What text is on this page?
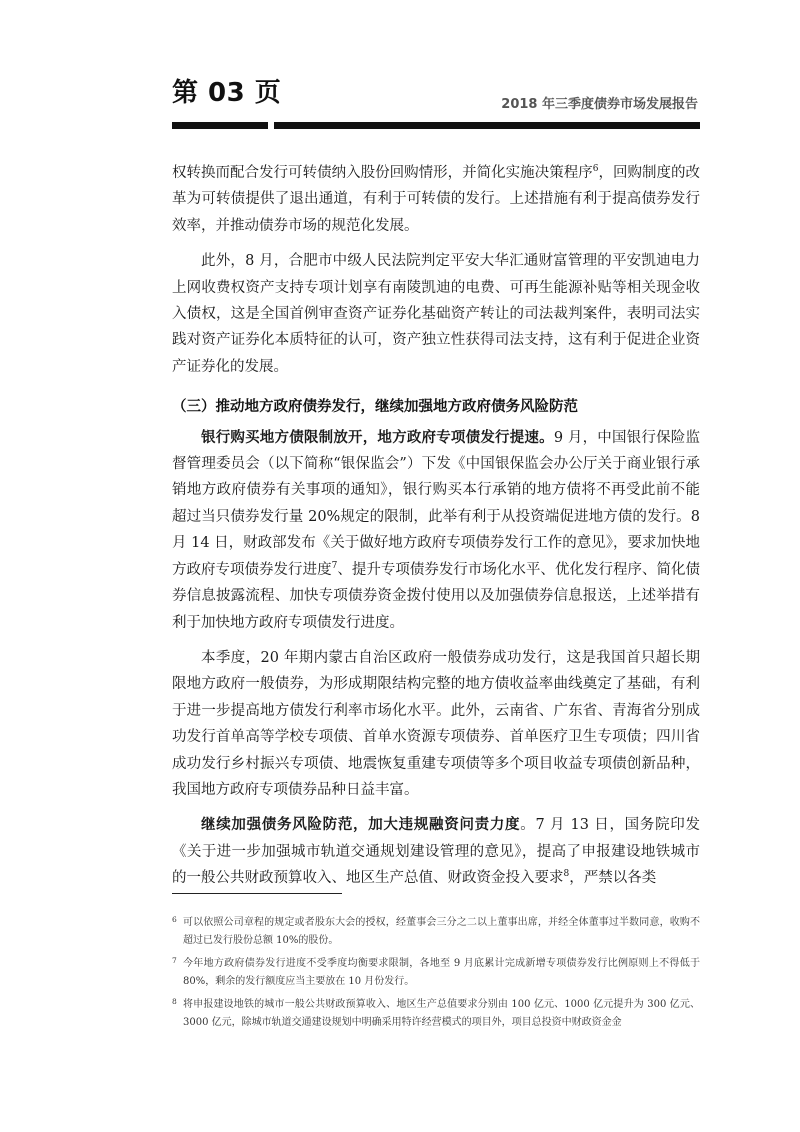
第 03 页	2018 年三季度债券市场发展报告

权转换而配合发行可转债纳入股份回购情形，并简化实施决策程序$^6$，回购制度的改革为可转债提供了退出通道，有利于可转债的发行。上述措施有利于提高债券发行效率，并推动债券市场的规范化发展。

此外，8 月，合肥市中级人民法院判定平安大华汇通财富管理的平安凯迪电力上网收费权资产支持专项计划享有南陵凯迪的电费、可再生能源补贴等相关现金收入债权，这是全国首例审查资产证券化基础资产转让的司法裁判案件，表明司法实践对资产证券化本质特征的认可，资产独立性获得司法支持，这有利于促进企业资产证券化的发展。

（三）推动地方政府债券发行，继续加强地方政府债务风险防范

银行购买地方债限制放开，地方政府专项债发行提速。9 月，中国银行保险监督管理委员会（以下简称“银保监会”）下发《中国银保监会办公厅关于商业银行承销地方政府债券有关事项的通知》，银行购买本行承销的地方债将不再受此前不能超过当只债券发行量 20%规定的限制，此举有利于从投资端促进地方债的发行。8 月 14 日，财政部发布《关于做好地方政府专项债券发行工作的意见》，要求加快地方政府专项债券发行进度$^7$、提升专项债券发行市场化水平、优化发行程序、简化债券信息披露流程、加快专项债券资金拨付使用以及加强债券信息报送，上述举措有利于加快地方政府专项债发行进度。

本季度，20 年期内蒙古自治区政府一般债券成功发行，这是我国首只超长期限地方政府一般债券，为形成期限结构完整的地方债收益率曲线奠定了基础，有利于进一步提高地方债发行利率市场化水平。此外，云南省、广东省、青海省分别成功发行首单高等学校专项债、首单水资源专项债券、首单医疗卫生专项债；四川省成功发行乡村振兴专项债、地震恢复重建专项债等多个项目收益专项债创新品种，我国地方政府专项债券品种日益丰富。

继续加强债务风险防范，加大违规融资问责力度。7 月 13 日，国务院印发《关于进一步加强城市轨道交通规划建设管理的意见》，提高了申报建设地铁城市的一般公共财政预算收入、地区生产总值、财政资金投入要求$^8$，严禁以各类

6 可以依照公司章程的规定或者股东大会的授权，经董事会三分之二以上董事出席，并经全体董事过半数同意，收购不超过已发行股份总额 10%的股份。

7 今年地方政府债券发行进度不受季度均衡要求限制，各地至 9 月底累计完成新增专项债券发行比例原则上不得低于 80%，剩余的发行额度应当主要放在 10 月份发行。

8 将申报建设地铁的城市一般公共财政预算收入、地区生产总值要求分别由 100 亿元、1000 亿元提升为 300 亿元、3000 亿元，除城市轨道交通建设规划中明确采用特许经营模式的项目外，项目总投资中财政资金金
